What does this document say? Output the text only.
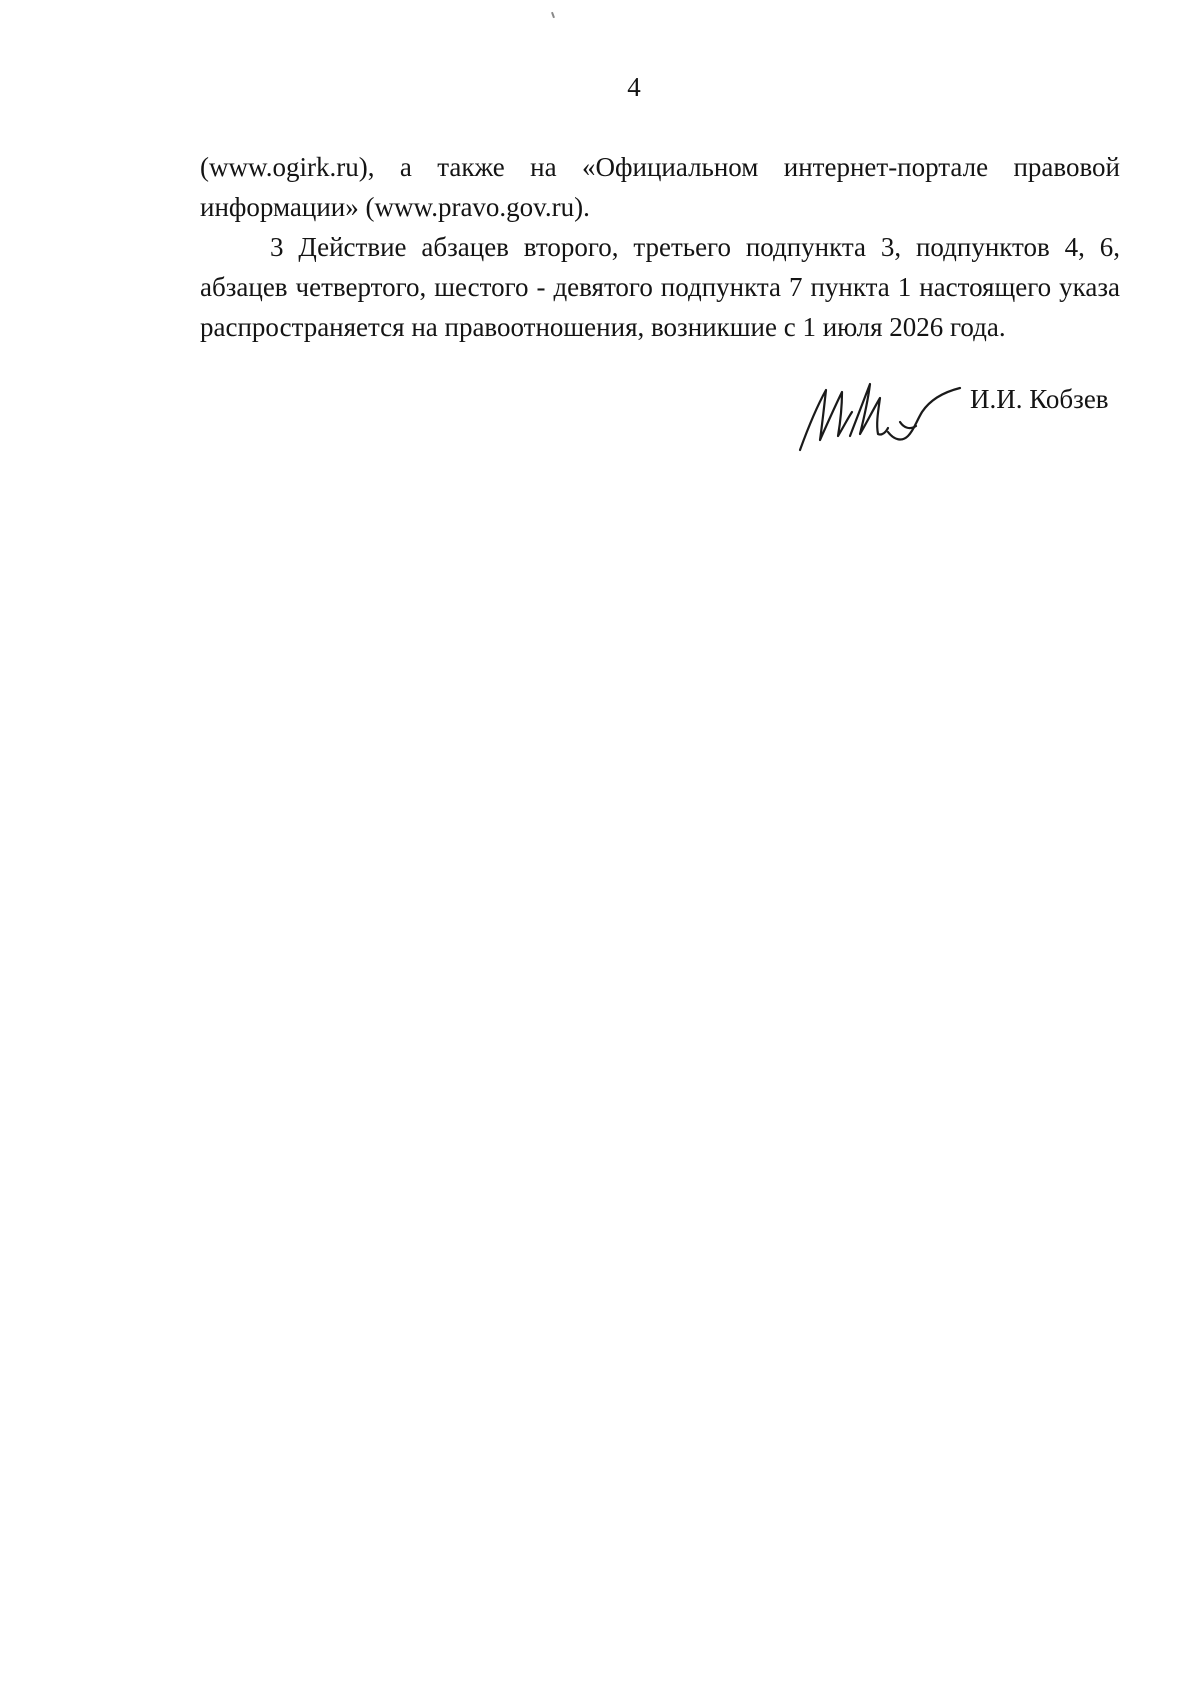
4

(www.ogirk.ru), а также на «Официальном интернет-портале правовой информации» (www.pravo.gov.ru).

3 Действие абзацев второго, третьего подпункта 3, подпунктов 4, 6, абзацев четвертого, шестого - девятого подпункта 7 пункта 1 настоящего указа распространяется на правоотношения, возникшие с 1 июля 2026 года.

И.И. Кобзев
